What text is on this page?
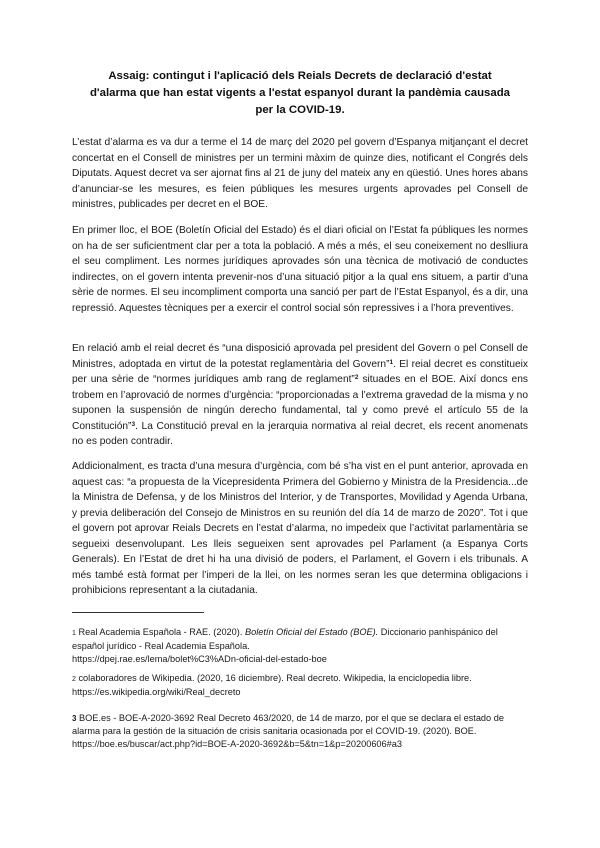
Assaig: contingut i l'aplicació dels Reials Decrets de declaració d'estat

d'alarma que han estat vigents a l'estat espanyol durant la pandèmia causada

per la COVID-19.

L’estat d’alarma es va dur a terme el 14 de març del 2020 pel govern d’Espanya mitjançant el decret concertat en el Consell de ministres per un termini màxim de quinze dies, notificant el Congrés dels Diputats. Aquest decret va ser ajornat fins al 21 de juny del mateix any en qüestió. Unes hores abans d’anunciar-se les mesures, es feien públiques les mesures urgents aprovades pel Consell de ministres, publicades per decret en el BOE.

En primer lloc, el BOE (Boletín Oficial del Estado) és el diari oficial on l’Estat fa públiques les normes on ha de ser suficientment clar per a tota la població. A més a més, el seu coneixement no deslliura el seu compliment. Les normes jurídiques aprovades són una tècnica de motivació de conductes indirectes, on el govern intenta prevenir-nos d’una situació pitjor a la qual ens situem, a partir d’una sèrie de normes. El seu incompliment comporta una sanció per part de l’Estat Espanyol, és a dir, una repressió. Aquestes tècniques per a exercir el control social són repressives i a l’hora preventives.

En relació amb el reial decret és “una disposició aprovada pel president del Govern o pel Consell de Ministres, adoptada en virtut de la potestat reglamentària del Govern”$^1$. El reial decret es constitueix per una sèrie de “normes jurídiques amb rang de reglament”$^2$ situades en el BOE. Així doncs ens trobem en l’aprovació de normes d’urgència: “proporcionadas a l’extrema gravedad de la misma y no suponen la suspensión de ningún derecho fundamental, tal y como prevé el artículo 55 de la Constitución”$^3$. La Constitució preval en la jerarquia normativa al reial decret, els recent anomenats no es poden contradir.

Addicionalment, es tracta d’una mesura d’urgència, com bé s’ha vist en el punt anterior, aprovada en aquest cas: “a propuesta de la Vicepresidenta Primera del Gobierno y Ministra de la Presidencia...de la Ministra de Defensa, y de los Ministros del Interior, y de Transportes, Movilidad y Agenda Urbana, y previa deliberación del Consejo de Ministros en su reunión del día 14 de marzo de 2020”. Tot i que el govern pot aprovar Reials Decrets en l’estat d’alarma, no impedeix que l’activitat parlamentària se segueixi desenvolupant. Les lleis segueixen sent aprovades pel Parlament (a Espanya Corts Generals). En l’Estat de dret hi ha una divisió de poders, el Parlament, el Govern i els tribunals. A més també està format per l’imperi de la llei, on les normes seran les que determina obligacions i prohibicions representant a la ciutadania.

1 Real Academia Española - RAE. (2020). Boletín Oficial del Estado (BOE). Diccionario panhispánico del español jurídico - Real Academia Española.
https://dpej.rae.es/lema/bolet%C3%ADn-oficial-del-estado-boe

2 colaboradores de Wikipedia. (2020, 16 diciembre). Real decreto. Wikipedia, la enciclopedia libre. https://es.wikipedia.org/wiki/Real_decreto

3 BOE.es - BOE-A-2020-3692 Real Decreto 463/2020, de 14 de marzo, por el que se declara el estado de alarma para la gestión de la situación de crisis sanitaria ocasionada por el COVID-19. (2020). BOE.
https://boe.es/buscar/act.php?id=BOE-A-2020-3692&b=5&tn=1&p=20200606#a3
